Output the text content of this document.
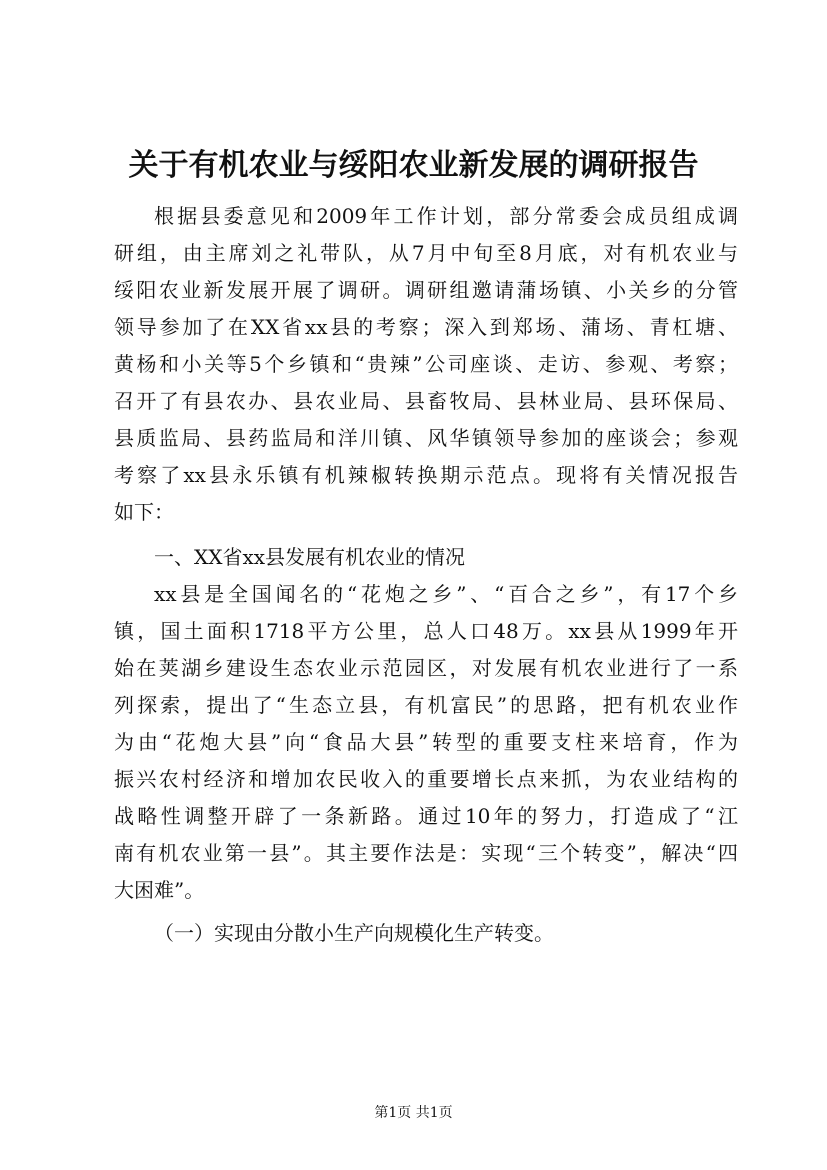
关于有机农业与绥阳农业新发展的调研报告
根据县委意见和2009年工作计划，部分常委会成员组成调
研组，由主席刘之礼带队，从7月中旬至8月底，对有机农业与
绥阳农业新发展开展了调研。调研组邀请蒲场镇、小关乡的分管
领导参加了在XX省xx县的考察；深入到郑场、蒲场、青杠塘、
黄杨和小关等5个乡镇和“贵辣”公司座谈、走访、参观、考察；
召开了有县农办、县农业局、县畜牧局、县林业局、县环保局、
县质监局、县药监局和洋川镇、风华镇领导参加的座谈会；参观
考察了xx县永乐镇有机辣椒转换期示范点。现将有关情况报告
如下：
一、XX省xx县发展有机农业的情况
xx县是全国闻名的“花炮之乡”、“百合之乡”，有17个乡
镇，国土面积1718平方公里，总人口48万。xx县从1999年开
始在荚湖乡建设生态农业示范园区，对发展有机农业进行了一系
列探索，提出了“生态立县，有机富民”的思路，把有机农业作
为由“花炮大县”向“食品大县”转型的重要支柱来培育，作为
振兴农村经济和增加农民收入的重要增长点来抓，为农业结构的
战略性调整开辟了一条新路。通过10年的努力，打造成了“江
南有机农业第一县”。其主要作法是：实现“三个转变”，解决“四
大困难”。
（一）实现由分散小生产向规模化生产转变。
第1页 共1页
